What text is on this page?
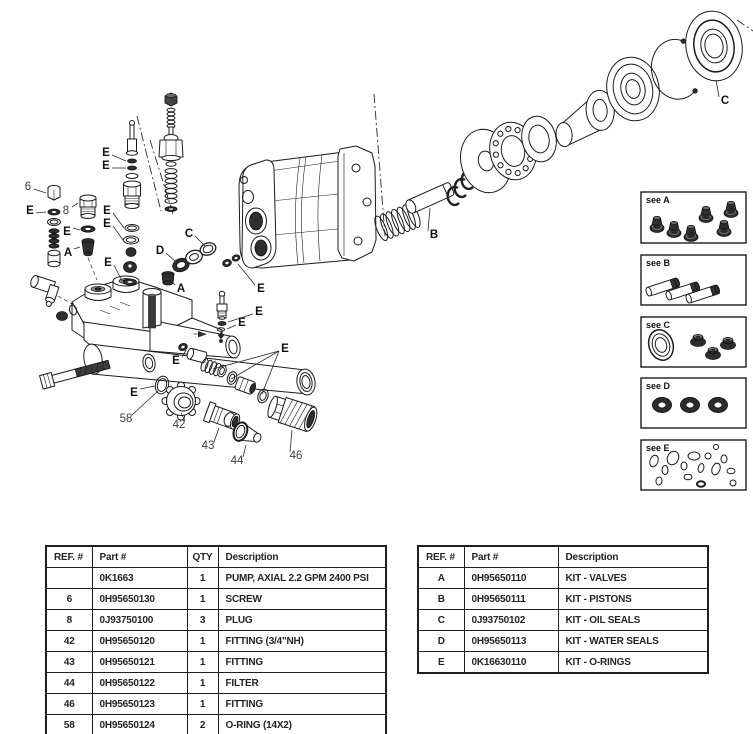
see A
see B
see C
see D
see E
6
E	8
E
A
E
E
E
E
E
C
D
A	E
E
E
E
E
E
58	42
43
44	46
B
C
REF. #	Part #	QTY	Description
	0K1663	1	PUMP, AXIAL 2.2 GPM 2400 PSI
6	0H95650130	1	SCREW
8	0J93750100	3	PLUG
42	0H95650120	1	FITTING (3/4"NH)
43	0H95650121	1	FITTING
44	0H95650122	1	FILTER
46	0H95650123	1	FITTING
58	0H95650124	2	O-RING (14X2)
REF. #	Part #	Description
A	0H95650110	KIT - VALVES
B	0H95650111	KIT - PISTONS
C	0J93750102	KIT - OIL SEALS
D	0H95650113	KIT - WATER SEALS
E	0K16630110	KIT - O-RINGS
